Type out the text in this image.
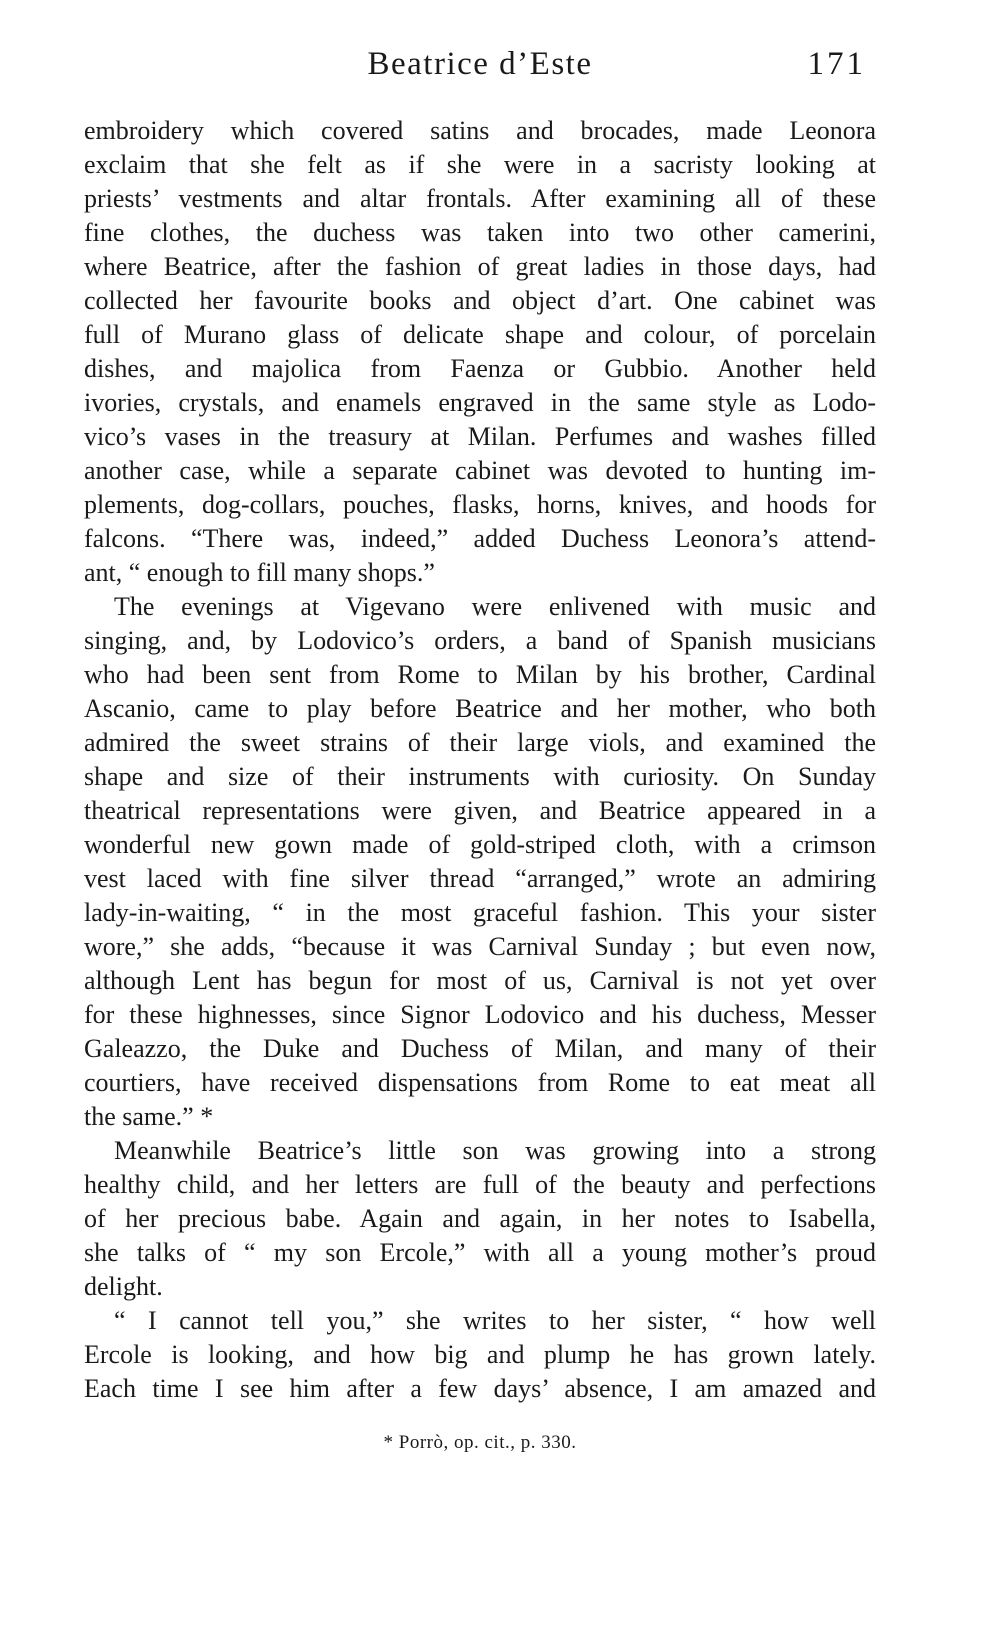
Beatrice d’Este	171
embroidery which covered satins and brocades, made Leonora
exclaim that she felt as if she were in a sacristy looking at
priests’ vestments and altar frontals. After examining all of these
fine clothes, the duchess was taken into two other camerini,
where Beatrice, after the fashion of great ladies in those days, had
collected her favourite books and object d’art. One cabinet was
full of Murano glass of delicate shape and colour, of porcelain
dishes, and majolica from Faenza or Gubbio. Another held
ivories, crystals, and enamels engraved in the same style as Lodo-
vico’s vases in the treasury at Milan. Perfumes and washes filled
another case, while a separate cabinet was devoted to hunting im-
plements, dog-collars, pouches, flasks, horns, knives, and hoods for
falcons. “There was, indeed,” added Duchess Leonora’s attend-
ant, “ enough to fill many shops.”
The evenings at Vigevano were enlivened with music and
singing, and, by Lodovico’s orders, a band of Spanish musicians
who had been sent from Rome to Milan by his brother, Cardinal
Ascanio, came to play before Beatrice and her mother, who both
admired the sweet strains of their large viols, and examined the
shape and size of their instruments with curiosity. On Sunday
theatrical representations were given, and Beatrice appeared in a
wonderful new gown made of gold-striped cloth, with a crimson
vest laced with fine silver thread “arranged,” wrote an admiring
lady-in-waiting, “ in the most graceful fashion. This your sister
wore,” she adds, “because it was Carnival Sunday ; but even now,
although Lent has begun for most of us, Carnival is not yet over
for these highnesses, since Signor Lodovico and his duchess, Messer
Galeazzo, the Duke and Duchess of Milan, and many of their
courtiers, have received dispensations from Rome to eat meat all
the same.” *
Meanwhile Beatrice’s little son was growing into a strong
healthy child, and her letters are full of the beauty and perfections
of her precious babe. Again and again, in her notes to Isabella,
she talks of “ my son Ercole,” with all a young mother’s proud
delight.
“ I cannot tell you,” she writes to her sister, “ how well
Ercole is looking, and how big and plump he has grown lately.
Each time I see him after a few days’ absence, I am amazed and
* Porrò, op. cit., p. 330.
